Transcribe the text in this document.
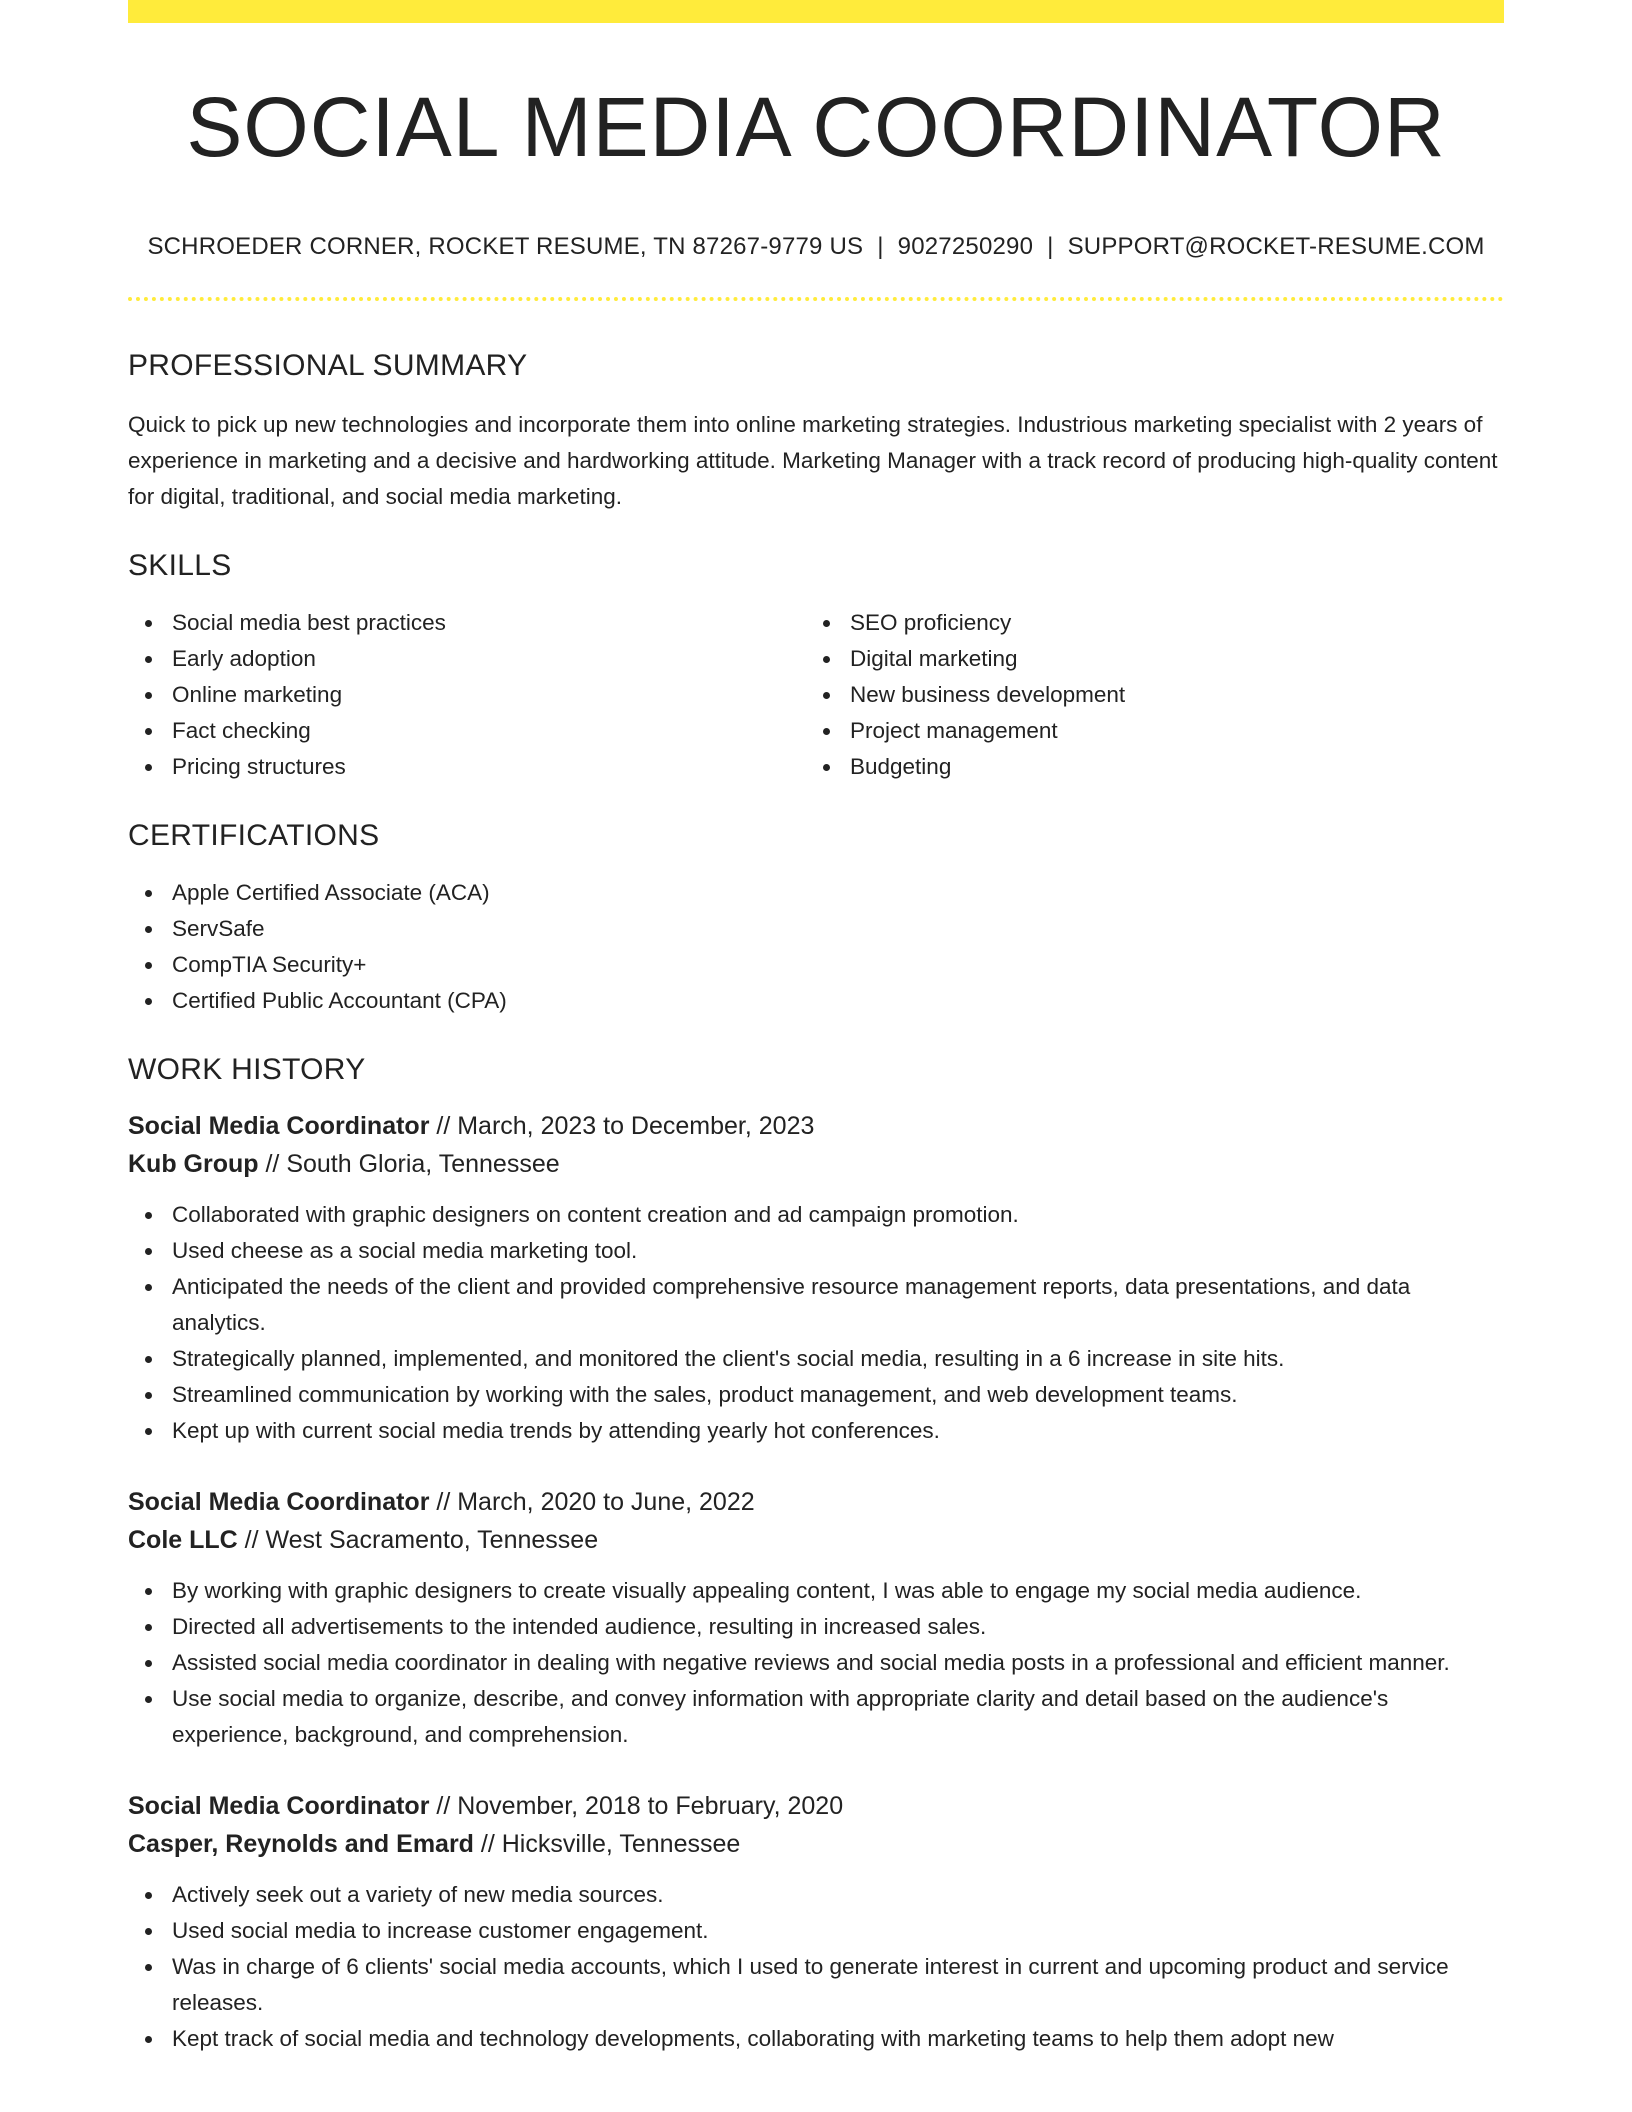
SOCIAL MEDIA COORDINATOR
SCHROEDER CORNER, ROCKET RESUME, TN 87267-9779 US | 9027250290 | SUPPORT@ROCKET-RESUME.COM
PROFESSIONAL SUMMARY
Quick to pick up new technologies and incorporate them into online marketing strategies. Industrious marketing specialist with 2 years of experience in marketing and a decisive and hardworking attitude. Marketing Manager with a track record of producing high-quality content for digital, traditional, and social media marketing.
SKILLS
Social media best practices
Early adoption
Online marketing
Fact checking
Pricing structures
SEO proficiency
Digital marketing
New business development
Project management
Budgeting
CERTIFICATIONS
Apple Certified Associate (ACA)
ServSafe
CompTIA Security+
Certified Public Accountant (CPA)
WORK HISTORY
Social Media Coordinator // March, 2023 to December, 2023
Kub Group // South Gloria, Tennessee
Collaborated with graphic designers on content creation and ad campaign promotion.
Used cheese as a social media marketing tool.
Anticipated the needs of the client and provided comprehensive resource management reports, data presentations, and data analytics.
Strategically planned, implemented, and monitored the client's social media, resulting in a 6 increase in site hits.
Streamlined communication by working with the sales, product management, and web development teams.
Kept up with current social media trends by attending yearly hot conferences.
Social Media Coordinator // March, 2020 to June, 2022
Cole LLC // West Sacramento, Tennessee
By working with graphic designers to create visually appealing content, I was able to engage my social media audience.
Directed all advertisements to the intended audience, resulting in increased sales.
Assisted social media coordinator in dealing with negative reviews and social media posts in a professional and efficient manner.
Use social media to organize, describe, and convey information with appropriate clarity and detail based on the audience's experience, background, and comprehension.
Social Media Coordinator // November, 2018 to February, 2020
Casper, Reynolds and Emard // Hicksville, Tennessee
Actively seek out a variety of new media sources.
Used social media to increase customer engagement.
Was in charge of 6 clients' social media accounts, which I used to generate interest in current and upcoming product and service releases.
Kept track of social media and technology developments, collaborating with marketing teams to help them adopt new
